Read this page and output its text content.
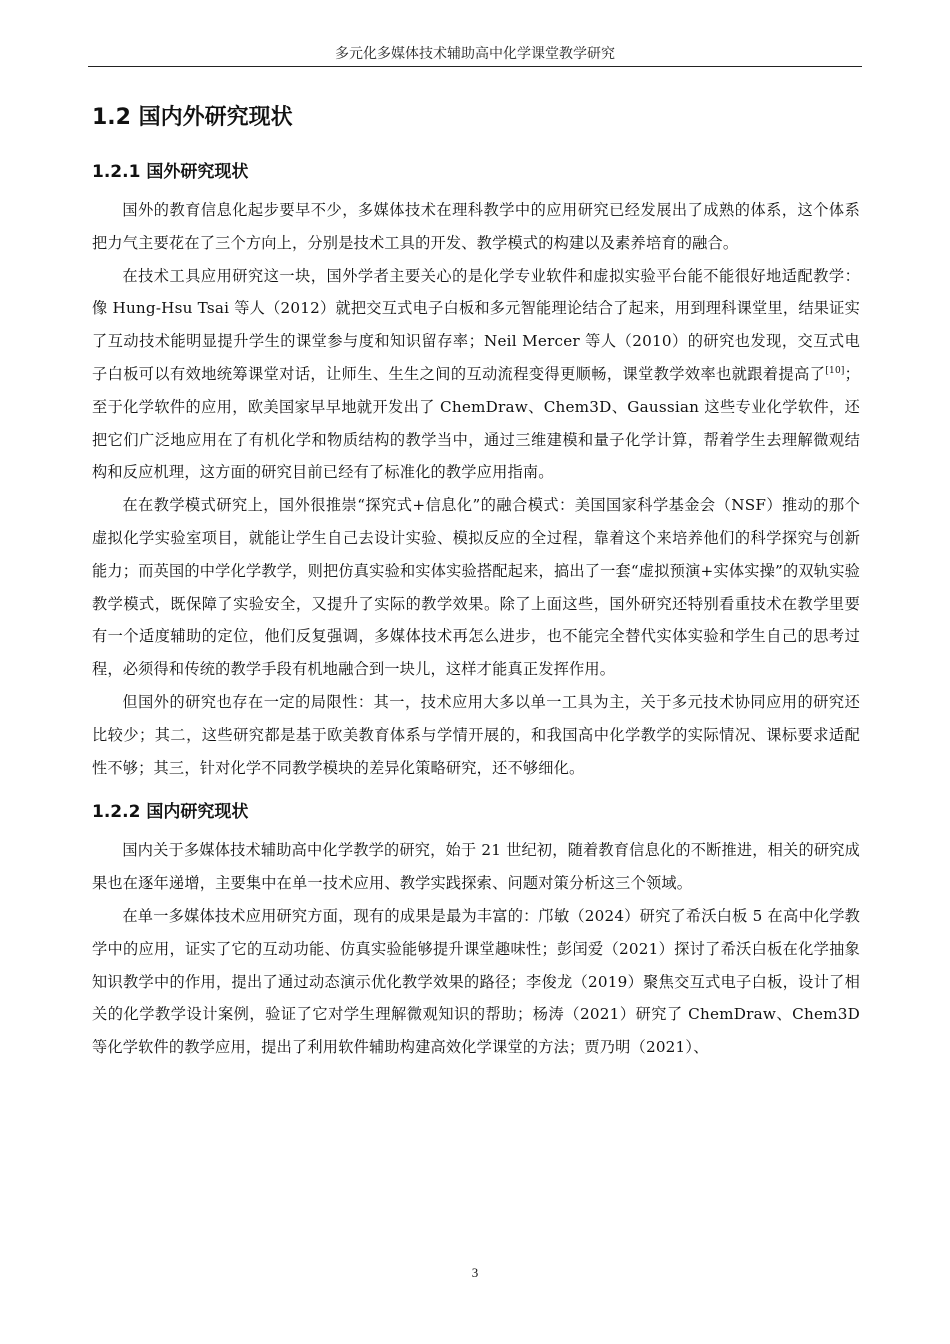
多元化多媒体技术辅助高中化学课堂教学研究
1.2 国内外研究现状
1.2.1 国外研究现状

国外的教育信息化起步要早不少，多媒体技术在理科教学中的应用研究已经发展出了成熟的体系，这个体系把力气主要花在了三个方向上，分别是技术工具的开发、教学模式的构建以及素养培育的融合。

在技术工具应用研究这一块，国外学者主要关心的是化学专业软件和虚拟实验平台能不能很好地适配教学：像 Hung-Hsu Tsai 等人（2012）就把交互式电子白板和多元智能理论结合了起来，用到理科课堂里，结果证实了互动技术能明显提升学生的课堂参与度和知识留存率；Neil Mercer 等人（2010）的研究也发现，交互式电子白板可以有效地统筹课堂对话，让师生、生生之间的互动流程变得更顺畅，课堂教学效率也就跟着提高了[10]；至于化学软件的应用，欧美国家早早地就开发出了 ChemDraw、Chem3D、Gaussian 这些专业化学软件，还把它们广泛地应用在了有机化学和物质结构的教学当中，通过三维建模和量子化学计算，帮着学生去理解微观结构和反应机理，这方面的研究目前已经有了标准化的教学应用指南。

在在教学模式研究上，国外很推崇“探究式+信息化”的融合模式：美国国家科学基金会（NSF）推动的那个虚拟化学实验室项目，就能让学生自己去设计实验、模拟反应的全过程，靠着这个来培养他们的科学探究与创新能力；而英国的中学化学教学，则把仿真实验和实体实验搭配起来，搞出了一套“虚拟预演+实体实操”的双轨实验教学模式，既保障了实验安全，又提升了实际的教学效果。除了上面这些，国外研究还特别看重技术在教学里要有一个适度辅助的定位，他们反复强调，多媒体技术再怎么进步，也不能完全替代实体实验和学生自己的思考过程，必须得和传统的教学手段有机地融合到一块儿，这样才能真正发挥作用。

但国外的研究也存在一定的局限性：其一，技术应用大多以单一工具为主，关于多元技术协同应用的研究还比较少；其二，这些研究都是基于欧美教育体系与学情开展的，和我国高中化学教学的实际情况、课标要求适配性不够；其三，针对化学不同教学模块的差异化策略研究，还不够细化。

1.2.2 国内研究现状

国内关于多媒体技术辅助高中化学教学的研究，始于 21 世纪初，随着教育信息化的不断推进，相关的研究成果也在逐年递增，主要集中在单一技术应用、教学实践探索、问题对策分析这三个领域。

在单一多媒体技术应用研究方面，现有的成果是最为丰富的：邝敏（2024）研究了希沃白板 5 在高中化学教学中的应用，证实了它的互动功能、仿真实验能够提升课堂趣味性；彭闰爱（2021）探讨了希沃白板在化学抽象知识教学中的作用，提出了通过动态演示优化教学效果的路径；李俊龙（2019）聚焦交互式电子白板，设计了相关的化学教学设计案例，验证了它对学生理解微观知识的帮助；杨涛（2021）研究了 ChemDraw、Chem3D 等化学软件的教学应用，提出了利用软件辅助构建高效化学课堂的方法；贾乃明（2021）、

3
